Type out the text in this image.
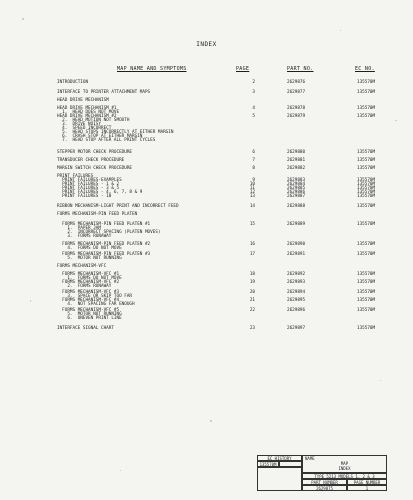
INDEX
MAP NAME AND SYMPTOMS	PAGE	PART NO.	EC NO.
INTRODUCTION	2	2629876	135570M
INTERFACE TO PRINTER ATTACHMENT MAPS	3	2629877	135570M
HEAD DRIVE MECHANISM
HEAD DRIVE MECHANISM #1	4	2629878	135570M
1.  HEAD DOES NOT MOVE
HEAD DRIVE MECHANISM #2	5	2629879	135570M
2.  HEAD MOTION NOT SMOOTH
3.  DRIVE NOISY
4.  SPEED INCORRECT
5.  HEAD STOPS INCORRECTLY AT EITHER MARGIN
6.  CRASH STOP AT EITHER MARGIN
7.  HEAD STOP AFTER ALL PRINT CYCLES
STEPPER MOTOR CHECK PROCEDURE	6	2629880	135570M
TRANSDUCER CHECK PROCEDURE	7	2629881	135570M
MARGIN SWITCH CHECK PROCEDURE	8	2629882	135570M
PRINT FAILURES
PRINT FAILURES-EXAMPLES	9	2629883	135570M
PRINT FAILURES - 1 & 2	10	2629884	135570M
PRINT FAILURES - 3 & 5	11	2629885	135570M
PRINT FAILURES - 4, 6, 7, 8 & 9	12	2629886	135570M
PRINT FAILURES - 10	13	2629887	135570M
RIBBON MECHANISM-LIGHT PRINT AND INCORRECT FEED	14	2629888	135570M
FORMS MECHANISM-PIN FEED PLATEN
FORMS MECHANISM-PIN FEED PLATEN #1	15	2629889	135570M
1.  PAPER JAM
2.  INCORRECT SPACING (PLATEN MOVES)
3.  FORMS RUNAWAY
FORMS MECHANISM-PIN FEED PLATEN #2	16	2629890	135570M
4.  FORMS DO NOT MOVE
FORMS MECHANISM-PIN FEED PLATEN #3	17	2629891	135570M
5.  MOTOR NOT RUNNING
FORMS MECHANISM-VFC
FORMS MECHANISM-VFC #1	18	2629892	135570M
1.  FORMS DO NOT MOVE
FORMS MECHANISM-VFC #2	19	2629893	135570M
2.  FORMS RUNAWAY
FORMS MECHANISM-VFC #3	20	2629894	135570M
3.  SPACE OR SKIP TOO FAR
FORMS MECHANISM-VFC #4	21	2629895	135570M
4.  NOT SPACING FAR ENOUGH
FORMS MECHANISM-VFC #5	22	2629896	135570M
5.  MOTOR NOT RUNNING
6.  UNEVEN PRINT LINE
INTERFACE SIGNAL CHART	23	2629897	135570M
EC HISTORY
135570M
NAME
MAP
INDEX
TYPE 5213 MODELS 1, 2 & 3
PART NUMBER	PAGE NUMBER
2629875	1
